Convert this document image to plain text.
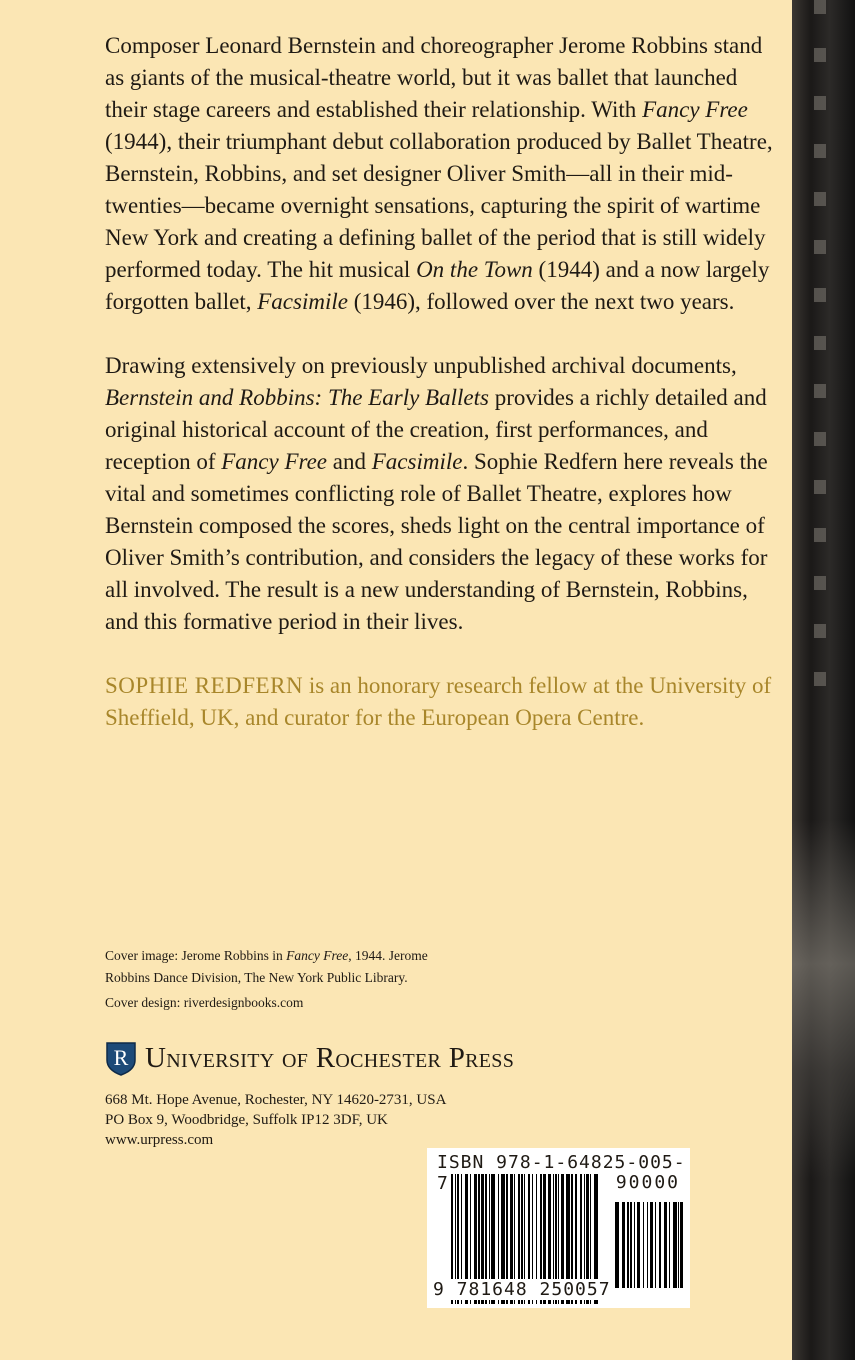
Composer Leonard Bernstein and choreographer Jerome Robbins stand as giants of the musical-theatre world, but it was ballet that launched their stage careers and established their relationship. With Fancy Free (1944), their triumphant debut collaboration produced by Ballet Theatre, Bernstein, Robbins, and set designer Oliver Smith—all in their mid-twenties—became overnight sensations, capturing the spirit of wartime New York and creating a defining ballet of the period that is still widely performed today. The hit musical On the Town (1944) and a now largely forgotten ballet, Facsimile (1946), followed over the next two years.

Drawing extensively on previously unpublished archival documents, Bernstein and Robbins: The Early Ballets provides a richly detailed and original historical account of the creation, first performances, and reception of Fancy Free and Facsimile. Sophie Redfern here reveals the vital and sometimes conflicting role of Ballet Theatre, explores how Bernstein composed the scores, sheds light on the central importance of Oliver Smith’s contribution, and considers the legacy of these works for all involved. The result is a new understanding of Bernstein, Robbins, and this formative period in their lives.

SOPHIE REDFERN is an honorary research fellow at the University of Sheffield, UK, and curator for the European Opera Centre.

Cover image: Jerome Robbins in Fancy Free, 1944. Jerome Robbins Dance Division, The New York Public Library.
Cover design: riverdesignbooks.com
R University of Rochester Press
668 Mt. Hope Avenue, Rochester, NY 14620-2731, USA
PO Box 9, Woodbridge, Suffolk IP12 3DF, UK
www.urpress.com
ISBN 978-1-64825-005-7	90000
9 781648 250057
